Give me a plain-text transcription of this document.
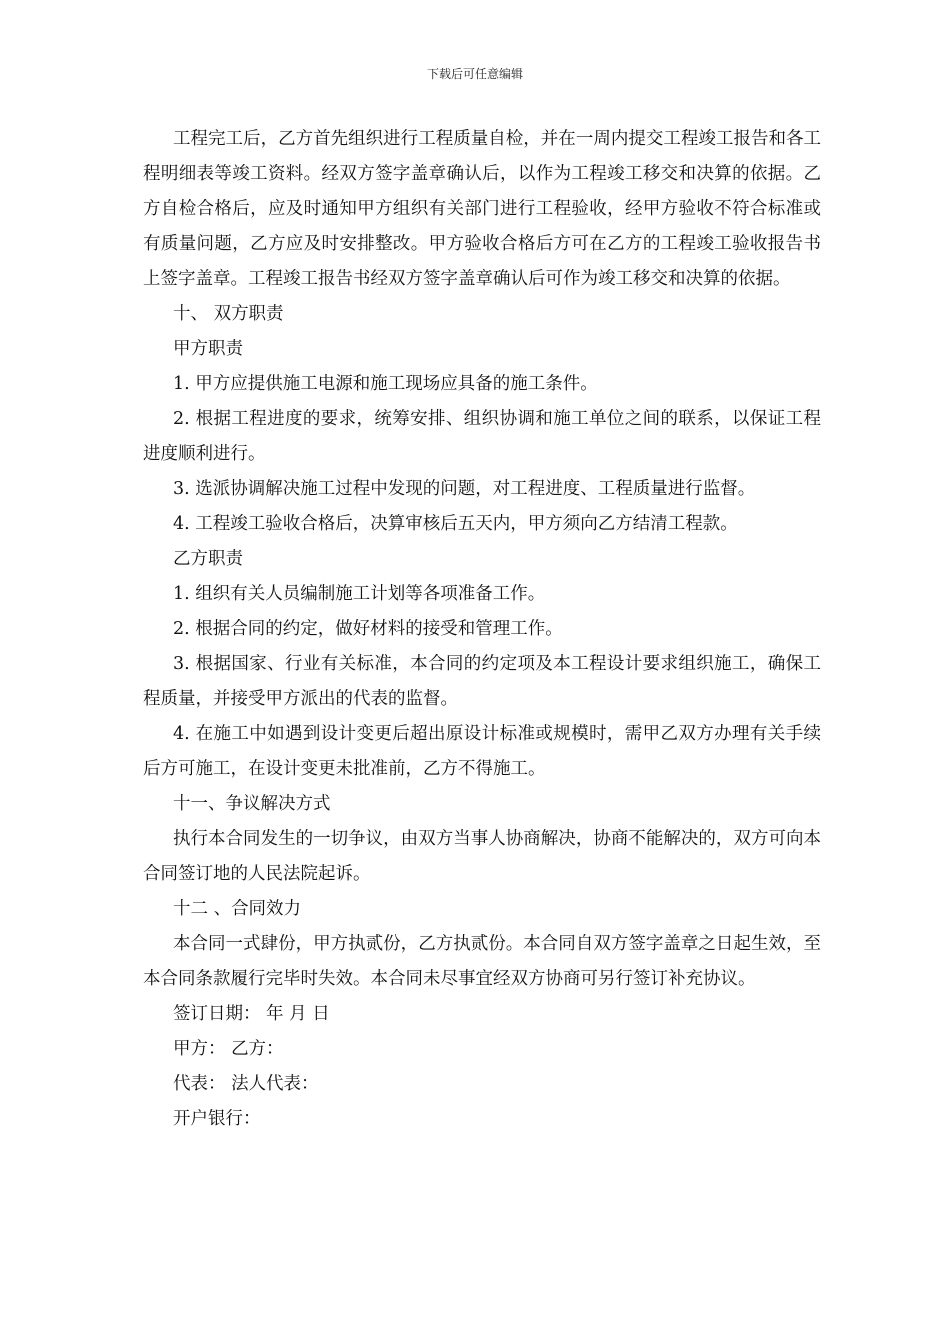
下载后可任意编辑

工程完工后，乙方首先组织进行工程质量自检，并在一周内提交工程竣工报告和各工程明细表等竣工资料。经双方签字盖章确认后，以作为工程竣工移交和决算的依据。乙方自检合格后，应及时通知甲方组织有关部门进行工程验收，经甲方验收不符合标准或有质量问题，乙方应及时安排整改。甲方验收合格后方可在乙方的工程竣工验收报告书上签字盖章。工程竣工报告书经双方签字盖章确认后可作为竣工移交和决算的依据。

十、 双方职责

甲方职责

1. 甲方应提供施工电源和施工现场应具备的施工条件。

2. 根据工程进度的要求，统筹安排、组织协调和施工单位之间的联系，以保证工程进度顺利进行。

3. 选派协调解决施工过程中发现的问题，对工程进度、工程质量进行监督。

4. 工程竣工验收合格后，决算审核后五天内，甲方须向乙方结清工程款。

乙方职责

1. 组织有关人员编制施工计划等各项准备工作。

2. 根据合同的约定，做好材料的接受和管理工作。

3. 根据国家、行业有关标准，本合同的约定项及本工程设计要求组织施工，确保工程质量，并接受甲方派出的代表的监督。

4. 在施工中如遇到设计变更后超出原设计标准或规模时，需甲乙双方办理有关手续后方可施工，在设计变更未批准前，乙方不得施工。

十一、争议解决方式

执行本合同发生的一切争议，由双方当事人协商解决，协商不能解决的，双方可向本合同签订地的人民法院起诉。

十二 、合同效力

本合同一式肆份，甲方执贰份，乙方执贰份。本合同自双方签字盖章之日起生效，至本合同条款履行完毕时失效。本合同未尽事宜经双方协商可另行签订补充协议。

签订日期： 年 月 日

甲方： 乙方：

代表： 法人代表：

开户银行：
